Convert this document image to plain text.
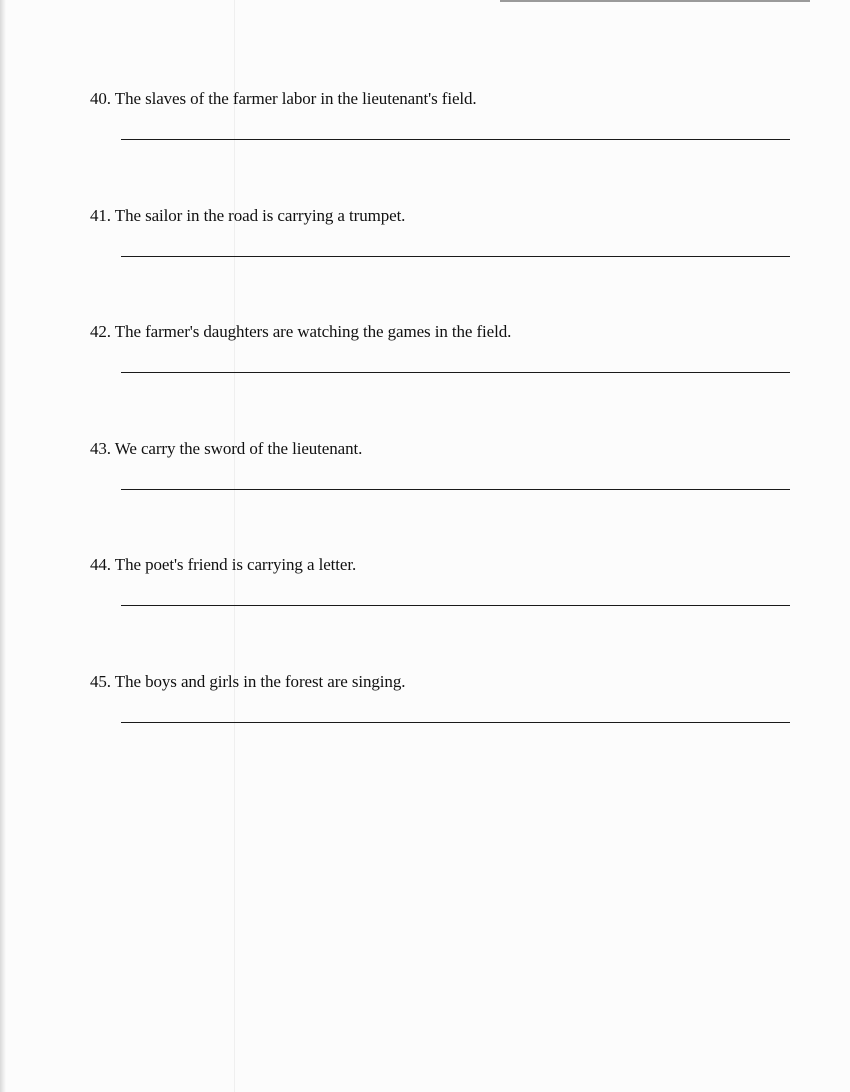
40. The slaves of the farmer labor in the lieutenant's field.
41. The sailor in the road is carrying a trumpet.
42. The farmer's daughters are watching the games in the field.
43. We carry the sword of the lieutenant.
44. The poet's friend is carrying a letter.
45. The boys and girls in the forest are singing.
